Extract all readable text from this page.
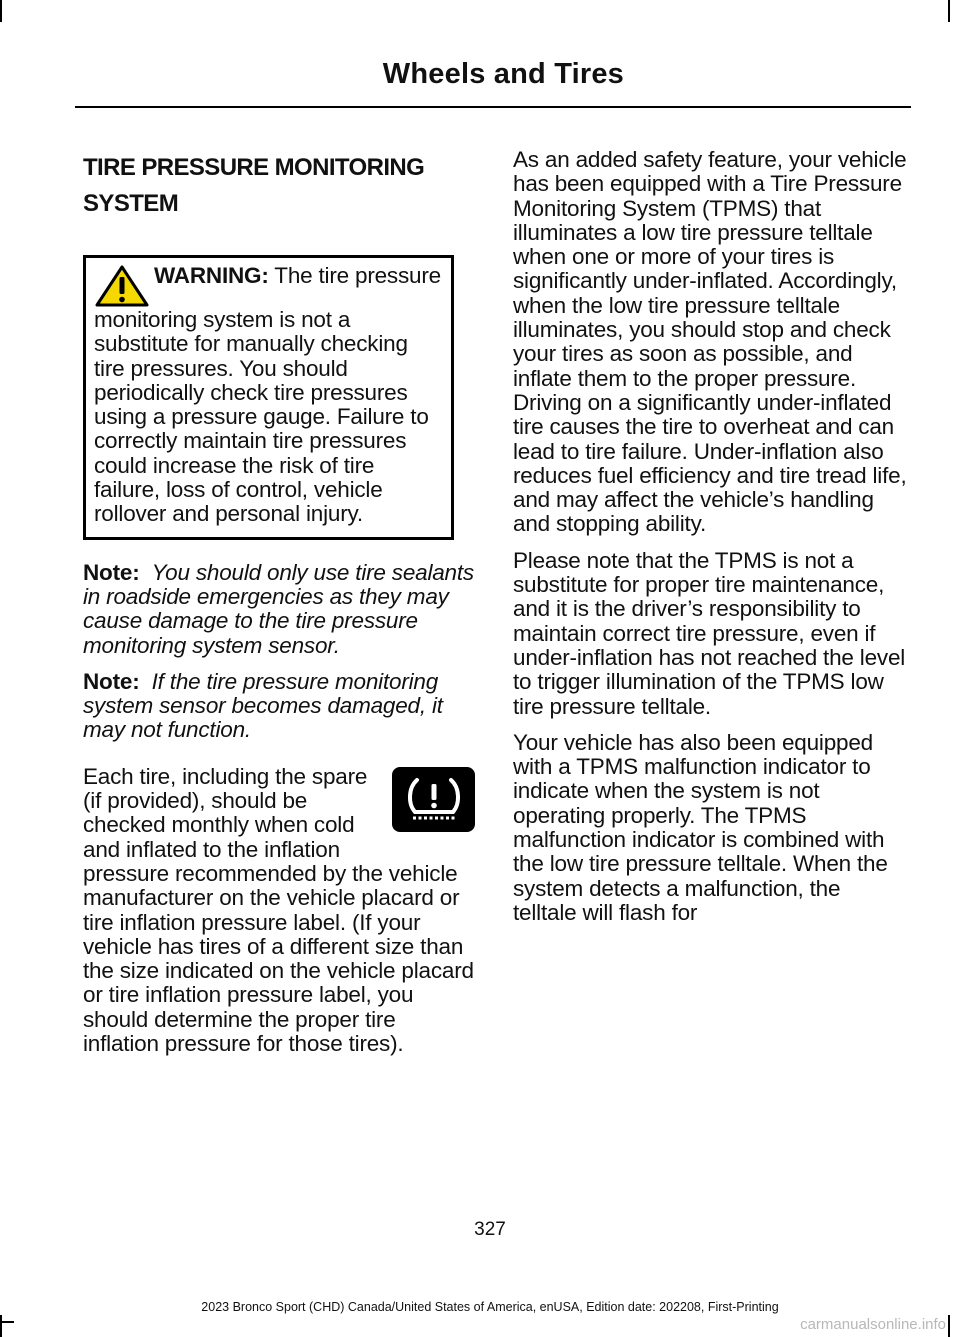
Wheels and Tires
TIRE PRESSURE MONITORING
SYSTEM
WARNING: The tire pressure monitoring system is not a substitute for manually checking tire pressures. You should periodically check tire pressures using a pressure gauge. Failure to correctly maintain tire pressures could increase the risk of tire failure, loss of control, vehicle rollover and personal injury.

Note: You should only use tire sealants in roadside emergencies as they may cause damage to the tire pressure monitoring system sensor.

Note: If the tire pressure monitoring system sensor becomes damaged, it may not function.

Each tire, including the spare (if provided), should be checked monthly when cold and inflated to the inflation pressure recommended by the vehicle manufacturer on the vehicle placard or tire inflation pressure label. (If your vehicle has tires of a different size than the size indicated on the vehicle placard or tire inflation pressure label, you should determine the proper tire inflation pressure for those tires).

As an added safety feature, your vehicle has been equipped with a Tire Pressure Monitoring System (TPMS) that illuminates a low tire pressure telltale when one or more of your tires is significantly under-inflated. Accordingly, when the low tire pressure telltale illuminates, you should stop and check your tires as soon as possible, and inflate them to the proper pressure. Driving on a significantly under-inflated tire causes the tire to overheat and can lead to tire failure. Under-inflation also reduces fuel efficiency and tire tread life, and may affect the vehicle’s handling and stopping ability.

Please note that the TPMS is not a substitute for proper tire maintenance, and it is the driver’s responsibility to maintain correct tire pressure, even if under-inflation has not reached the level to trigger illumination of the TPMS low tire pressure telltale.

Your vehicle has also been equipped with a TPMS malfunction indicator to indicate when the system is not operating properly. The TPMS malfunction indicator is combined with the low tire pressure telltale. When the system detects a malfunction, the telltale will flash for

327
2023 Bronco Sport (CHD) Canada/United States of America, enUSA, Edition date: 202208, First-Printing
carmanualsonline.info
